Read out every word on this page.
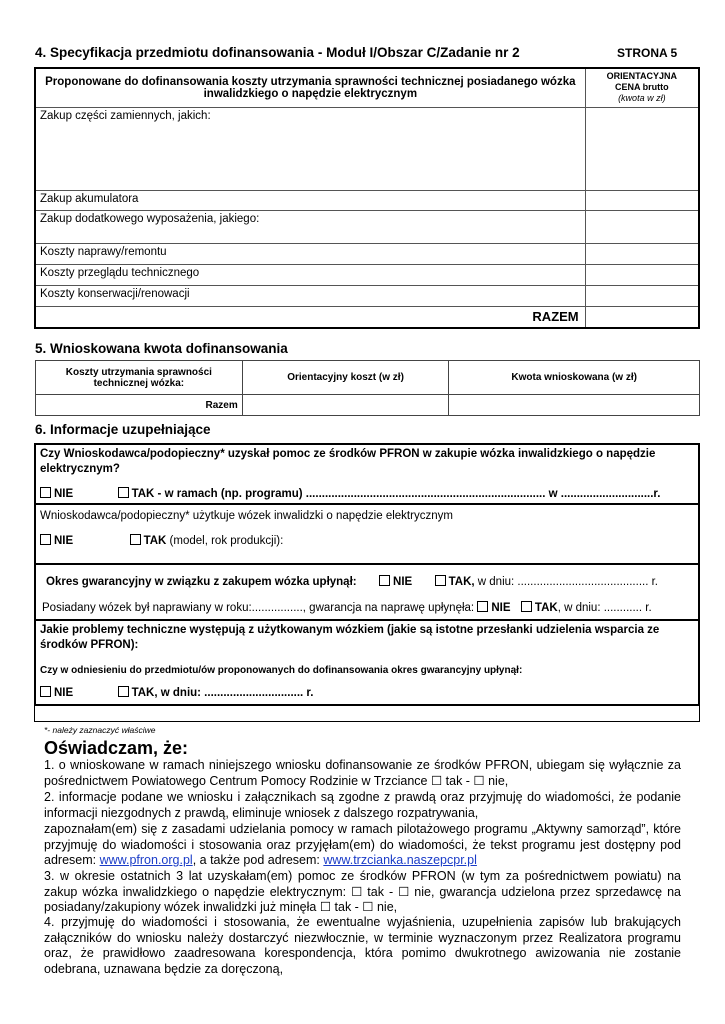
4. Specyfikacja przedmiotu dofinansowania - Moduł I/Obszar C/Zadanie nr 2	STRONA 5
Proponowane do dofinansowania koszty utrzymania sprawności technicznej posiadanego wózka inwalidzkiego o napędzie elektrycznym	ORIENTACYJNA
CENA brutto
(kwota w zł)

Zakup części zamiennych, jakich:	
Zakup akumulatora	
Zakup dodatkowego wyposażenia, jakiego:	
Koszty naprawy/remontu	
Koszty przeglądu technicznego	
Koszty konserwacji/renowacji	
RAZEM	
5. Wnioskowana kwota dofinansowania
Koszty utrzymania sprawności technicznej wózka:	Orientacyjny koszt (w zł)	Kwota wnioskowana (w zł)
Razem		
6. Informacje uzupełniające
Czy Wnioskodawca/podopieczny* uzyskał pomoc ze środków PFRON w zakupie wózka inwalidzkiego o napędzie elektrycznym?
NIE	TAK - w ramach (np. programu) ........................................................................... w .............................r.
Wnioskodawca/podopieczny* użytkuje wózek inwalidzki o napędzie elektrycznym
NIE	TAK (model, rok produkcji):
Okres gwarancyjny w związku z zakupem wózka upłynął:	NIE	TAK, w dniu: ......................................... r.
Posiadany wózek był naprawiany w roku:................, gwarancja na naprawę upłynęła: NIE TAK, w dniu: ............ r.
Jakie problemy techniczne występują z użytkowanym wózkiem (jakie są istotne przesłanki udzielenia wsparcia ze środków PFRON):
Czy w odniesieniu do przedmiotu/ów proponowanych do dofinansowania okres gwarancyjny upłynął:
NIE	TAK, w dniu: ............................... r.
*- należy zaznaczyć właściwe
Oświadczam, że:
1. o wnioskowane w ramach niniejszego wniosku dofinansowanie ze środków PFRON, ubiegam się wyłącznie za pośrednictwem Powiatowego Centrum Pomocy Rodzinie w Trzciance ☐ tak - ☐ nie,
2. informacje podane we wniosku i załącznikach są zgodne z prawdą oraz przyjmuję do wiadomości, że podanie informacji niezgodnych z prawdą, eliminuje wniosek z dalszego rozpatrywania,
zapoznałam(em) się z zasadami udzielania pomocy w ramach pilotażowego programu „Aktywny samorząd”, które przyjmuję do wiadomości i stosowania oraz przyjęłam(em) do wiadomości, że tekst programu jest dostępny pod adresem: www.pfron.org.pl, a także pod adresem: www.trzcianka.naszepcpr.pl
3. w okresie ostatnich 3 lat uzyskałam(em) pomoc ze środków PFRON (w tym za pośrednictwem powiatu) na zakup wózka inwalidzkiego o napędzie elektrycznym: ☐ tak - ☐ nie, gwarancja udzielona przez sprzedawcę na posiadany/zakupiony wózek inwalidzki już minęła ☐ tak - ☐ nie,
4. przyjmuję do wiadomości i stosowania, że ewentualne wyjaśnienia, uzupełnienia zapisów lub brakujących załączników do wniosku należy dostarczyć niezwłocznie, w terminie wyznaczonym przez Realizatora programu oraz, że prawidłowo zaadresowana korespondencja, która pomimo dwukrotnego awizowania nie zostanie odebrana, uznawana będzie za doręczoną,
